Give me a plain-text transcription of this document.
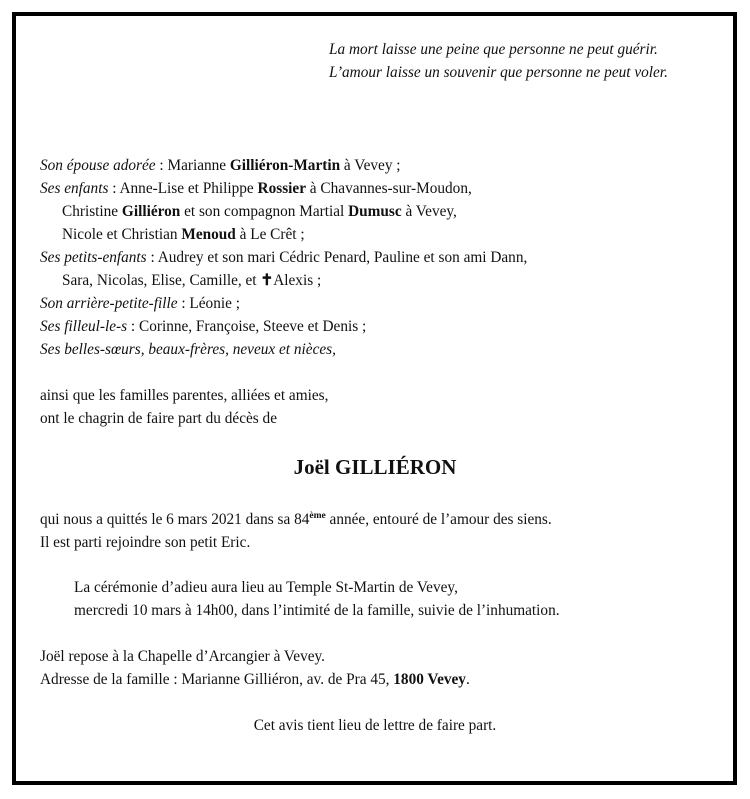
La mort laisse une peine que personne ne peut guérir.
L’amour laisse un souvenir que personne ne peut voler.
Son épouse adorée : Marianne Gilliéron-Martin à Vevey ;
Ses enfants : Anne-Lise et Philippe Rossier à Chavannes-sur-Moudon,
Christine Gilliéron et son compagnon Martial Dumusc à Vevey,
Nicole et Christian Menoud à Le Crêt ;
Ses petits-enfants : Audrey et son mari Cédric Penard, Pauline et son ami Dann,
Sara, Nicolas, Elise, Camille, et ✝Alexis ;
Son arrière-petite-fille : Léonie ;
Ses filleul-le-s : Corinne, Françoise, Steeve et Denis ;
Ses belles-sœurs, beaux-frères, neveux et nièces,
ainsi que les familles parentes, alliées et amies,
ont le chagrin de faire part du décès de
Joël GILLIÉRON
qui nous a quittés le 6 mars 2021 dans sa 84ème année, entouré de l’amour des siens.
Il est parti rejoindre son petit Eric.
La cérémonie d’adieu aura lieu au Temple St-Martin de Vevey,
mercredi 10 mars à 14h00, dans l’intimité de la famille, suivie de l’inhumation.
Joël repose à la Chapelle d’Arcangier à Vevey.
Adresse de la famille : Marianne Gilliéron, av. de Pra 45, 1800 Vevey.
Cet avis tient lieu de lettre de faire part.
